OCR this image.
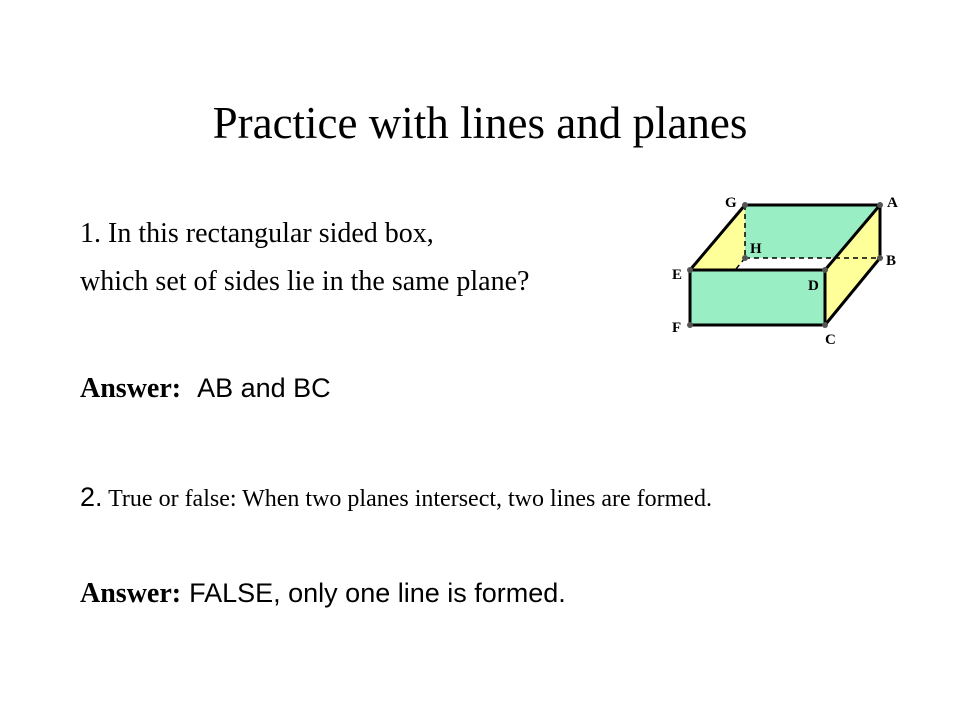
Practice with lines and planes
1. In this rectangular sided box,
which set of sides lie in the same plane?
Answer: AB and BC
2. True or false: When two planes intersect, two lines are formed.
Answer: FALSE, only one line is formed.
G	A
H
B
E
D
F
C
